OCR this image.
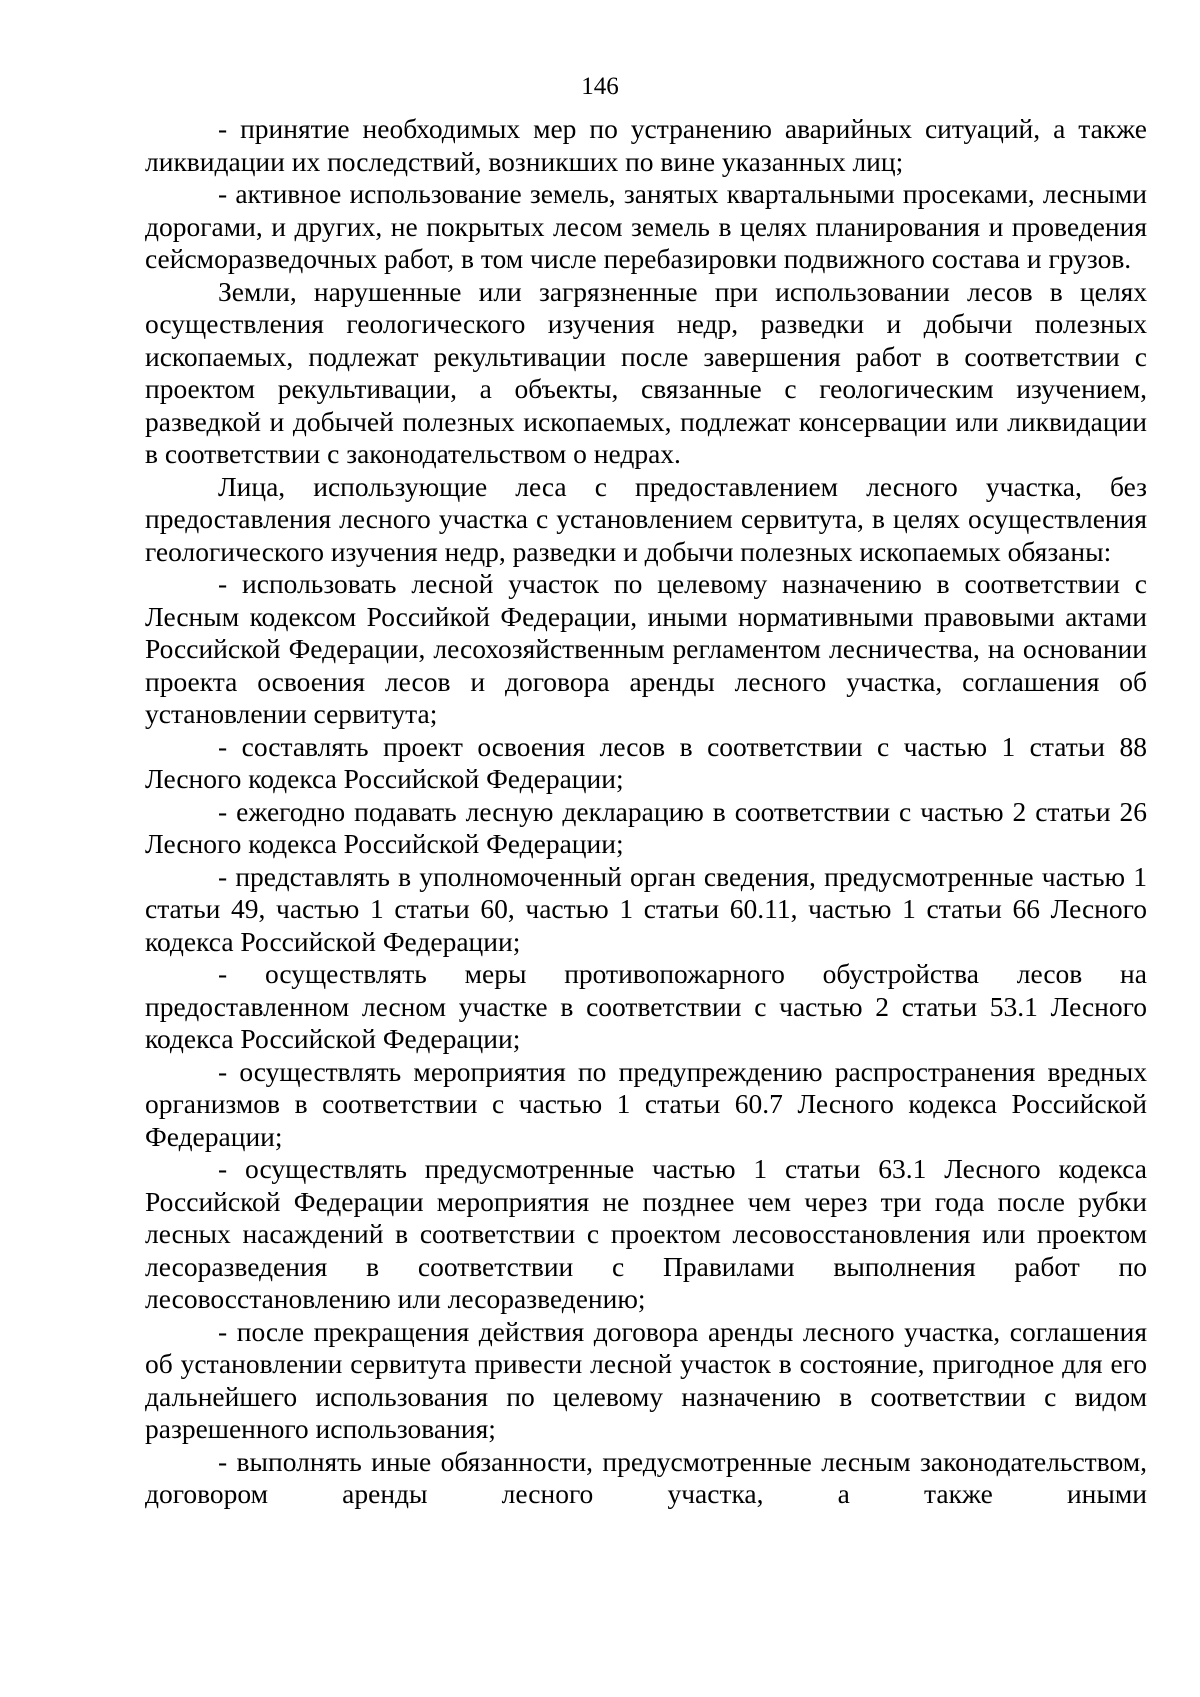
146

- принятие необходимых мер по устранению аварийных ситуаций, а также ликвидации их последствий, возникших по вине указанных лиц;

- активное использование земель, занятых квартальными просеками, лесными дорогами, и других, не покрытых лесом земель в целях планирования и проведения сейсморазведочных работ, в том числе перебазировки подвижного состава и грузов.

Земли, нарушенные или загрязненные при использовании лесов в целях осуществления геологического изучения недр, разведки и добычи полезных ископаемых, подлежат рекультивации после завершения работ в соответствии с проектом рекультивации, а объекты, связанные с геологическим изучением, разведкой и добычей полезных ископаемых, подлежат консервации или ликвидации в соответствии с законодательством о недрах.

Лица, использующие леса с предоставлением лесного участка, без предоставления лесного участка с установлением сервитута, в целях осуществления геологического изучения недр, разведки и добычи полезных ископаемых обязаны:

- использовать лесной участок по целевому назначению в соответствии с Лесным кодексом Российкой Федерации, иными нормативными правовыми актами Российской Федерации, лесохозяйственным регламентом лесничества, на основании проекта освоения лесов и договора аренды лесного участка, соглашения об установлении сервитута;

- составлять проект освоения лесов в соответствии с частью 1 статьи 88 Лесного кодекса Российской Федерации;

- ежегодно подавать лесную декларацию в соответствии с частью 2 статьи 26 Лесного кодекса Российской Федерации;

- представлять в уполномоченный орган сведения, предусмотренные частью 1 статьи 49, частью 1 статьи 60, частью 1 статьи 60.11, частью 1 статьи 66 Лесного кодекса Российской Федерации;

- осуществлять меры противопожарного обустройства лесов на предоставленном лесном участке в соответствии с частью 2 статьи 53.1 Лесного кодекса Российской Федерации;

- осуществлять мероприятия по предупреждению распространения вредных организмов в соответствии с частью 1 статьи 60.7 Лесного кодекса Российской Федерации;

- осуществлять предусмотренные частью 1 статьи 63.1 Лесного кодекса Российской Федерации мероприятия не позднее чем через три года после рубки лесных насаждений в соответствии с проектом лесовосстановления или проектом лесоразведения в соответствии с Правилами выполнения работ по лесовосстановлению или лесоразведению;

- после прекращения действия договора аренды лесного участка, соглашения об установлении сервитута привести лесной участок в состояние, пригодное для его дальнейшего использования по целевому назначению в соответствии с видом разрешенного использования;

- выполнять иные обязанности, предусмотренные лесным законодательством, договором аренды лесного участка, а также иными
